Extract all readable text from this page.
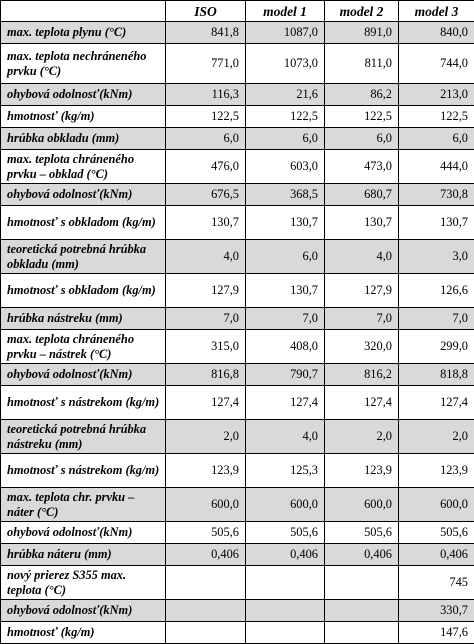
	ISO	model 1	model 2	model 3
max. teplota plynu (°C)	841,8	1087,0	891,0	840,0
max. teplota nechráneného prvku (°C)	771,0	1073,0	811,0	744,0
ohybová odolnosť(kNm)	116,3	21,6	86,2	213,0
hmotnosť (kg/m)	122,5	122,5	122,5	122,5
hrúbka obkladu (mm)	6,0	6,0	6,0	6,0
max. teplota chráneného prvku – obklad (°C)	476,0	603,0	473,0	444,0
ohybová odolnosť(kNm)	676,5	368,5	680,7	730,8
hmotnosť s obkladom (kg/m)	130,7	130,7	130,7	130,7
teoretická potrebná hrúbka obkladu (mm)	4,0	6,0	4,0	3,0
hmotnosť s obkladom (kg/m)	127,9	130,7	127,9	126,6
hrúbka nástreku (mm)	7,0	7,0	7,0	7,0
max. teplota chráneného prvku – nástrek (°C)	315,0	408,0	320,0	299,0
ohybová odolnosť(kNm)	816,8	790,7	816,2	818,8
hmotnosť s nástrekom (kg/m)	127,4	127,4	127,4	127,4
teoretická potrebná hrúbka nástreku (mm)	2,0	4,0	2,0	2,0
hmotnosť s nástrekom (kg/m)	123,9	125,3	123,9	123,9
max. teplota chr. prvku – náter (°C)	600,0	600,0	600,0	600,0
ohybová odolnosť(kNm)	505,6	505,6	505,6	505,6
hrúbka náteru (mm)	0,406	0,406	0,406	0,406
nový prierez S355 max. teplota (°C)				745
ohybová odolnosť(kNm)				330,7
hmotnosť (kg/m)				147,6
